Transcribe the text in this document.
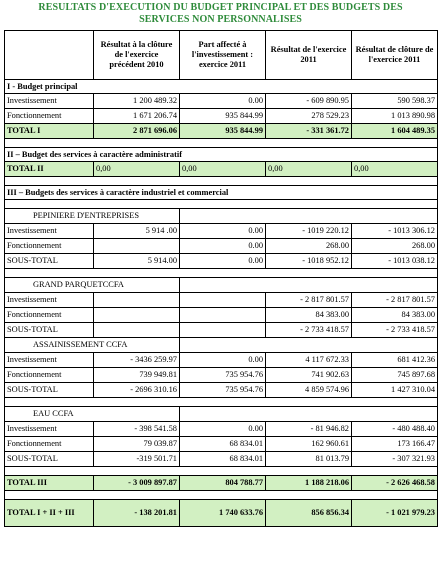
RESULTATS D'EXECUTION DU BUDGET PRINCIPAL ET DES BUDGETS DES
SERVICES NON PERSONNALISES
	Résultat à la clôture de l'exercice précédent 2010	Part affecté à l'investissement : exercice 2011	Résultat de l'exercice 2011	Résultat de clôture de l'exercice 2011
I - Budget principal				
Investissement	1 200 489.32	0.00	- 609 890.95	590 598.37
Fonctionnement	1 671 206.74	935 844.99	278 529.23	1 013 890.98
TOTAL I	2 871 696.06	935 844.99	- 331 361.72	1 604 489.35

II – Budget des services à caractère administratif				
TOTAL II	0,00	0,00	0,00	0,00

III – Budgets des services à caractère industriel et commercial				

PEPINIERE D'ENTREPRISES				
Investissement	5 914 .00	0.00	- 1019 220.12	- 1013 306.12
Fonctionnement		0.00	268.00	268.00
SOUS-TOTAL	5 914.00	0.00	- 1018 952.12	- 1013 038.12

GRAND PARQUETCCFA				
Investissement			- 2 817 801.57	- 2 817 801.57
Fonctionnement			84 383.00	84 383.00
SOUS-TOTAL			- 2 733 418.57	- 2 733 418.57
ASSAINISSEMENT CCFA				
Investissement	- 3436 259.97	0.00	4 117 672.33	681 412.36
Fonctionnement	739 949.81	735 954.76	741 902.63	745 897.68
SOUS-TOTAL	- 2696 310.16	735 954.76	4 859 574.96	1 427 310.04

EAU CCFA				
Investissement	- 398 541.58	0.00	- 81 946.82	- 480 488.40
Fonctionnement	79 039.87	68 834.01	162 960.61	173 166.47
SOUS-TOTAL	-319 501.71	68 834.01	81 013.79	- 307 321.93

TOTAL III	- 3 009 897.87	804 788.77	1 188 218.06	- 2 626 468.58

TOTAL I + II + III	- 138 201.81	1 740 633.76	856 856.34	- 1 021 979.23
